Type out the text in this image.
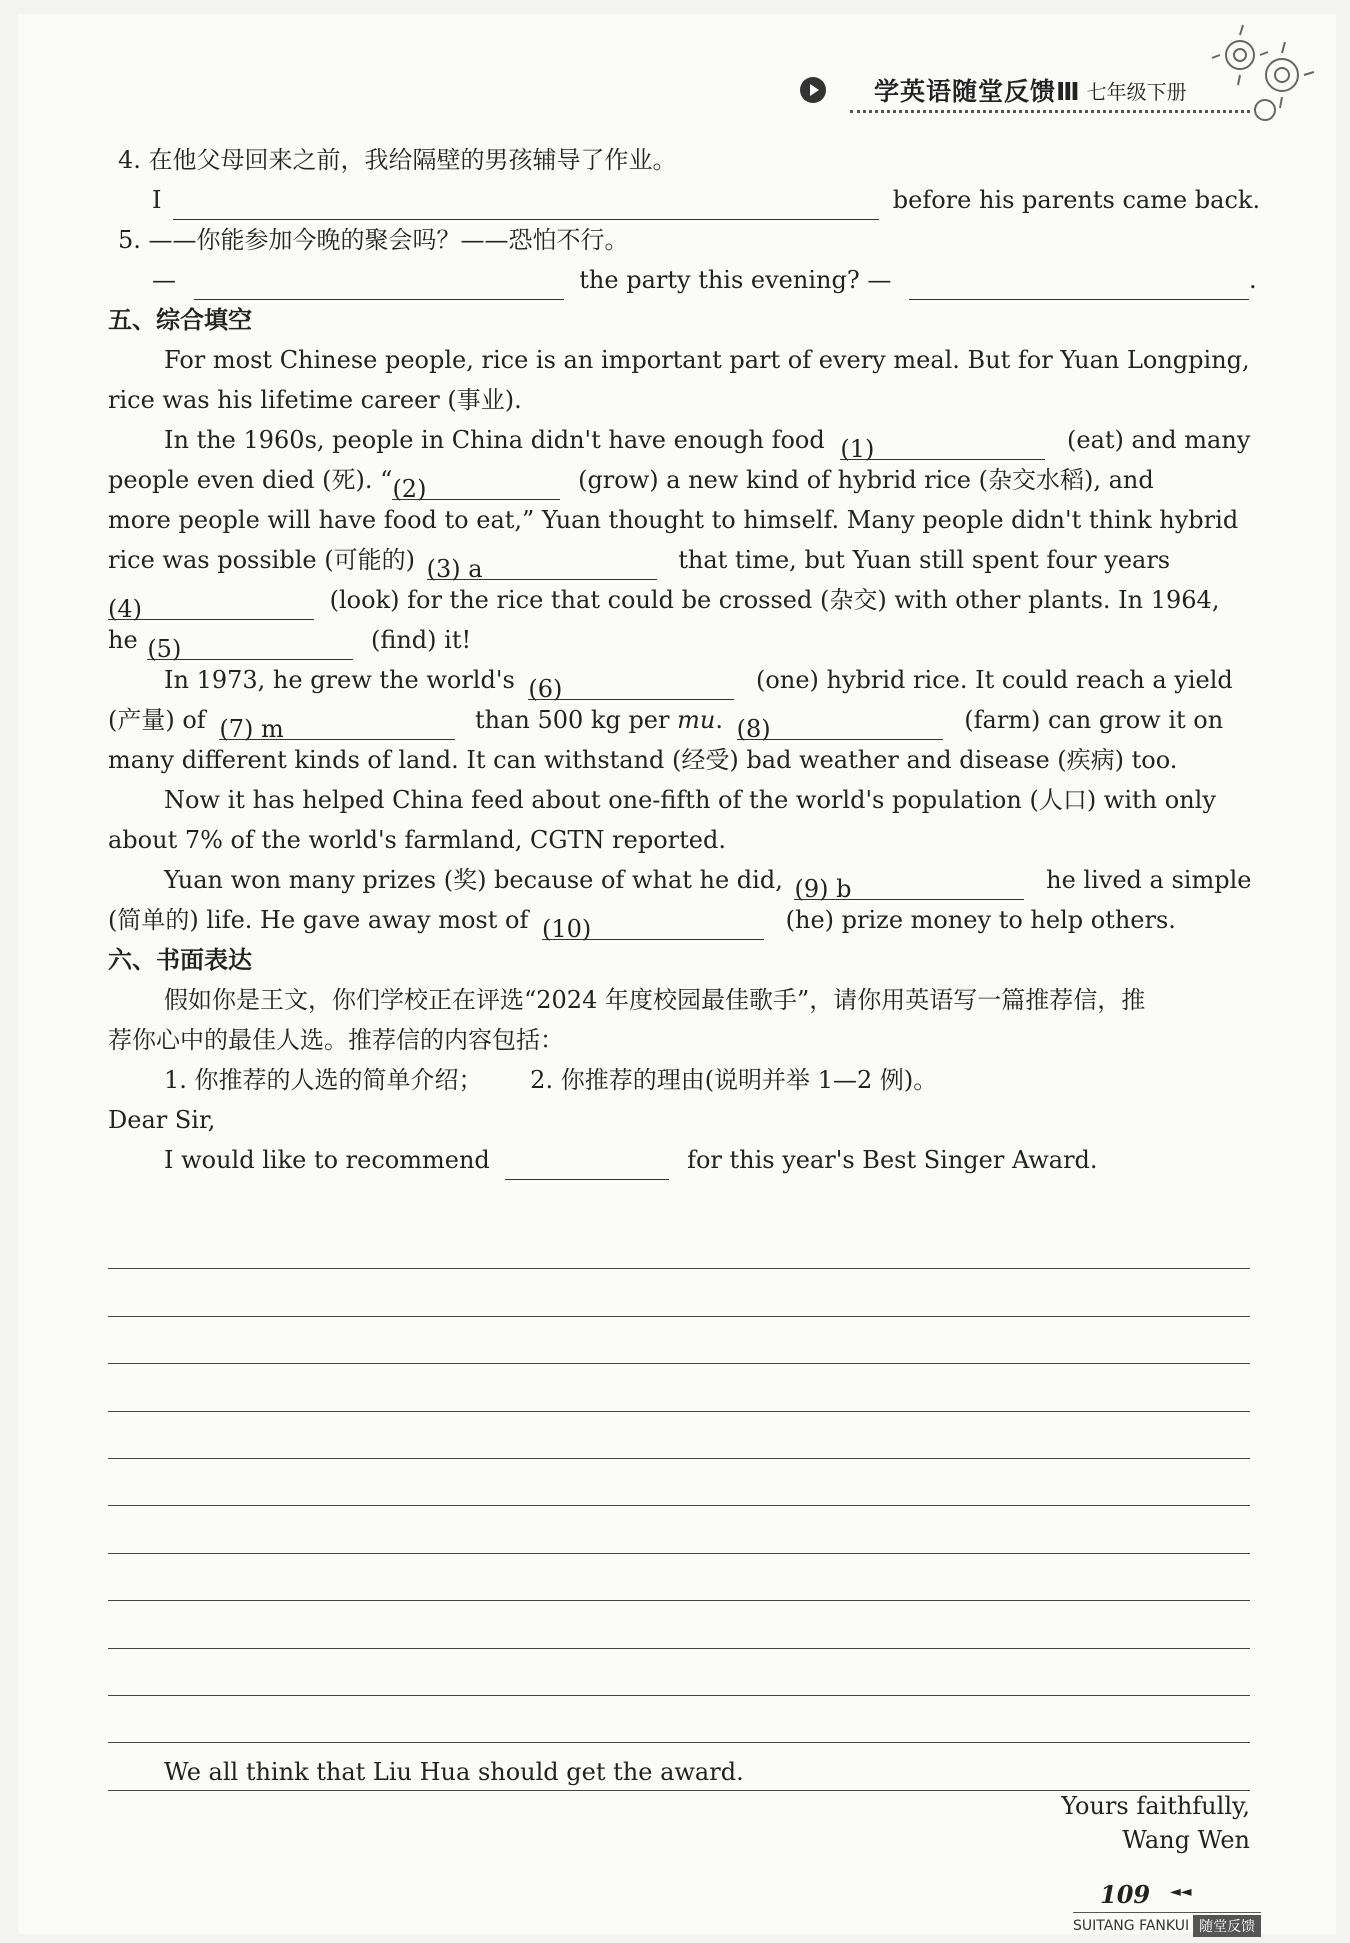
学英语随堂反馈Ⅲ 七年级下册
4. 在他父母回来之前，我给隔壁的男孩辅导了作业。
I	before his parents came back.
5. ——你能参加今晚的聚会吗？——恐怕不行。
—	the party this evening? —	.
五、综合填空
For most Chinese people, rice is an important part of every meal. But for Yuan Longping,
rice was his lifetime career (事业).
In the 1960s, people in China didn't have enough food (1)	(eat) and many
people even died (死). “(2)	(grow) a new kind of hybrid rice (杂交水稻), and
more people will have food to eat,” Yuan thought to himself. Many people didn't think hybrid
rice was possible (可能的) (3) a	that time, but Yuan still spent four years
(4)	(look) for the rice that could be crossed (杂交) with other plants. In 1964,
he (5)	(find) it!
In 1973, he grew the world's (6)	(one) hybrid rice. It could reach a yield
(产量) of (7) m	than 500 kg per mu. (8)	(farm) can grow it on
many different kinds of land. It can withstand (经受) bad weather and disease (疾病) too.
Now it has helped China feed about one-fifth of the world's population (人口) with only
about 7% of the world's farmland, CGTN reported.
Yuan won many prizes (奖) because of what he did, (9) b	he lived a simple
(简单的) life. He gave away most of (10)	(he) prize money to help others.
六、书面表达
假如你是王文，你们学校正在评选“2024 年度校园最佳歌手”，请你用英语写一篇推荐信，推
荐你心中的最佳人选。推荐信的内容包括：
1. 你推荐的人选的简单介绍； 2. 你推荐的理由(说明并举 1—2 例)。
Dear Sir,
I would like to recommend	for this year's Best Singer Award.
We all think that Liu Hua should get the award.
Yours faithfully,
Wang Wen
109 ◄◄
SUITANG FANKUI 随堂反馈
